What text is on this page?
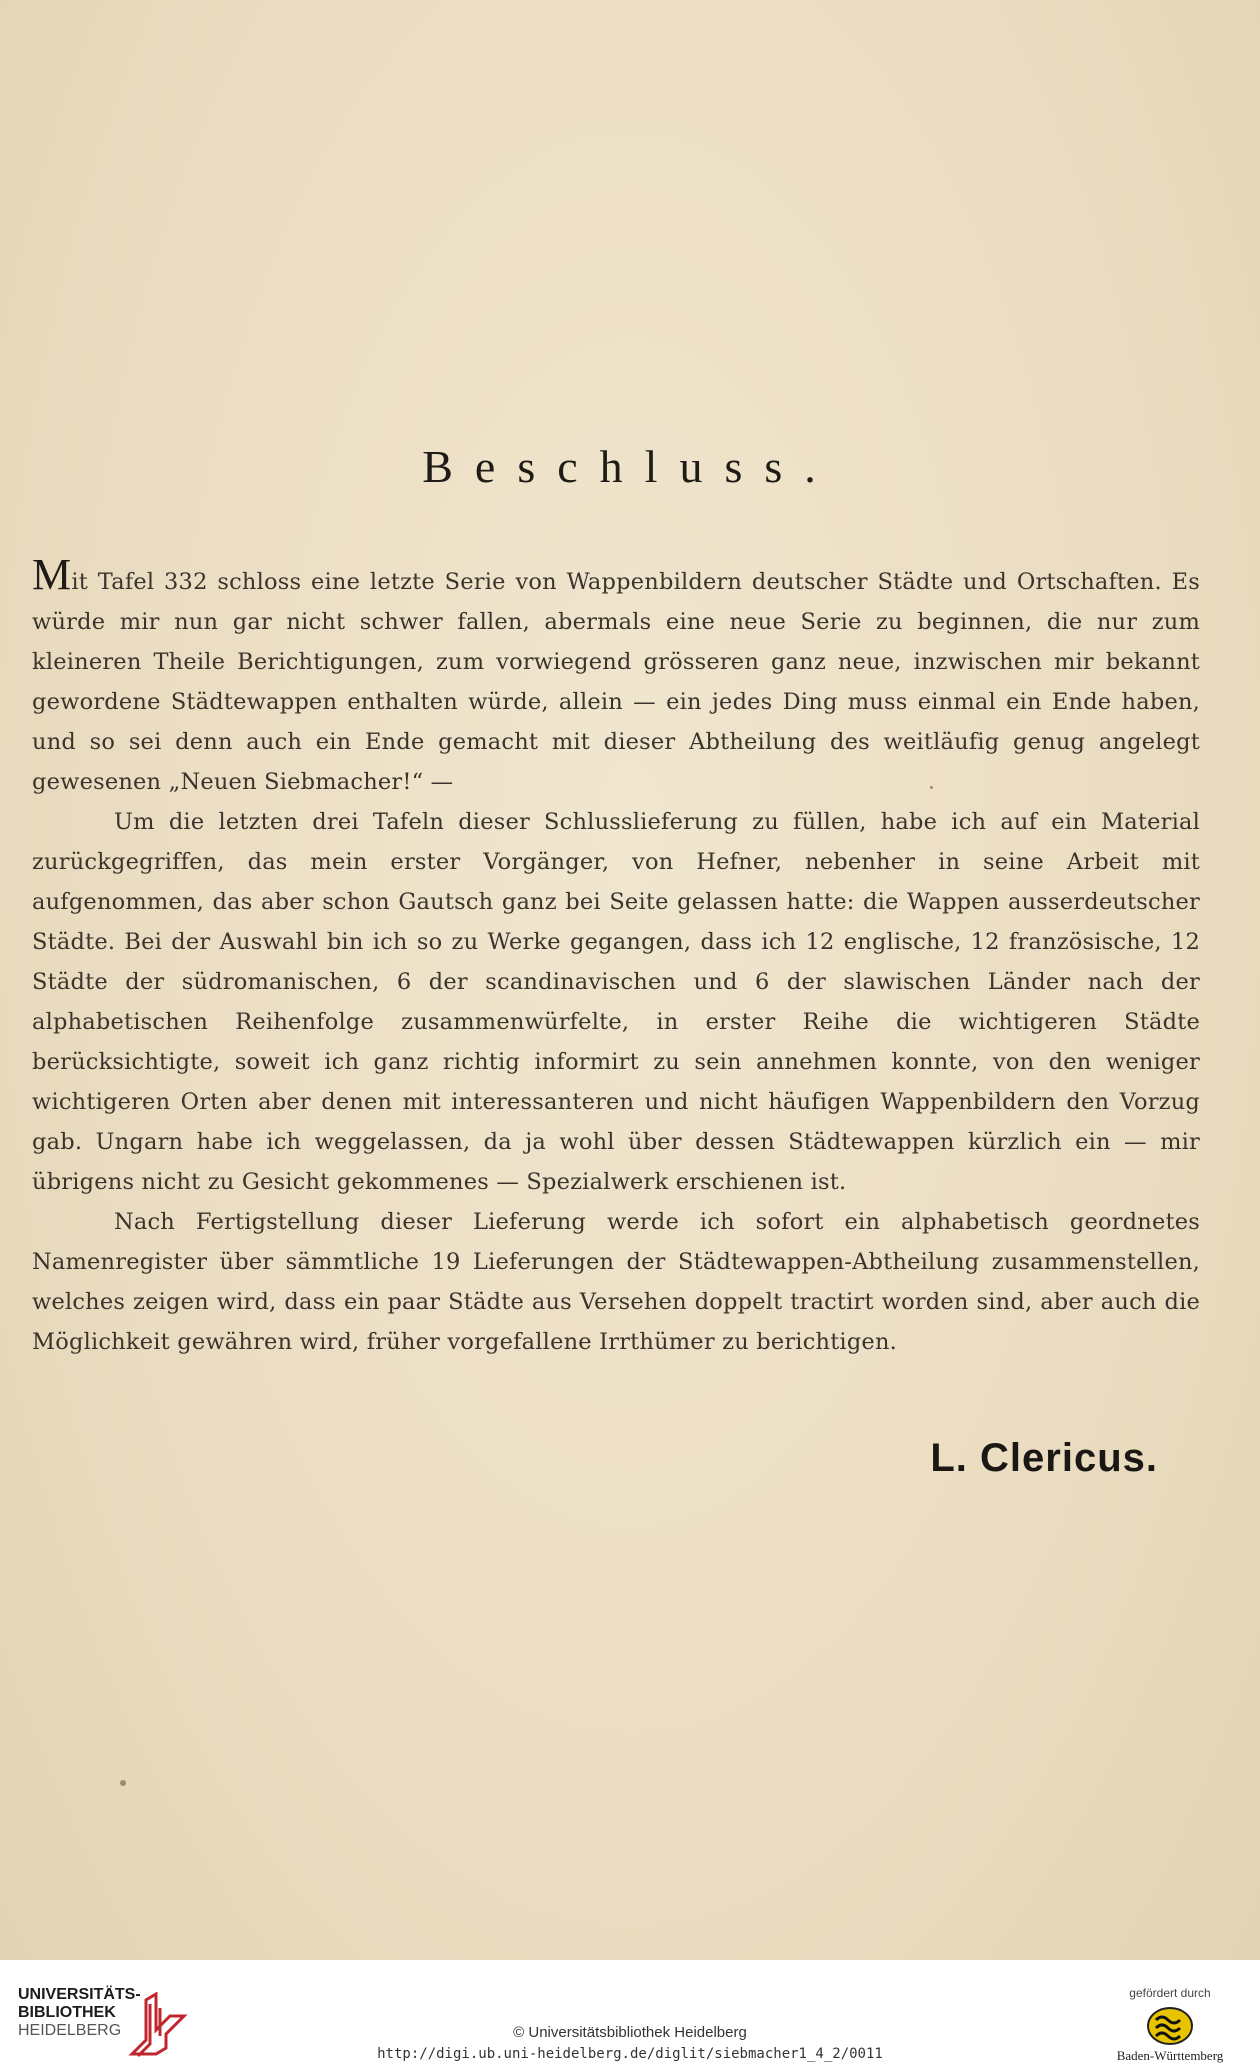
Beschluss.

Mit Tafel 332 schloss eine letzte Serie von Wappenbildern deutscher Städte und Ortschaften. Es würde mir nun gar nicht schwer fallen, abermals eine neue Serie zu beginnen, die nur zum kleineren Theile Berichtigungen, zum vorwiegend grösseren ganz neue, inzwischen mir bekannt gewordene Städtewappen enthalten würde, allein — ein jedes Ding muss einmal ein Ende haben, und so sei denn auch ein Ende gemacht mit dieser Abtheilung des weitläufig genug angelegt gewesenen „Neuen Siebmacher!“ —

Um die letzten drei Tafeln dieser Schlusslieferung zu füllen, habe ich auf ein Material zurückgegriffen, das mein erster Vorgänger, von Hefner, nebenher in seine Arbeit mit aufgenommen, das aber schon Gautsch ganz bei Seite gelassen hatte: die Wappen ausserdeutscher Städte. Bei der Auswahl bin ich so zu Werke gegangen, dass ich 12 englische, 12 französische, 12 Städte der südromanischen, 6 der scandinavischen und 6 der slawischen Länder nach der alphabetischen Reihenfolge zusammenwürfelte, in erster Reihe die wichtigeren Städte berücksichtigte, soweit ich ganz richtig informirt zu sein annehmen konnte, von den weniger wichtigeren Orten aber denen mit interessanteren und nicht häufigen Wappenbildern den Vorzug gab. Ungarn habe ich weggelassen, da ja wohl über dessen Städtewappen kürzlich ein — mir übrigens nicht zu Gesicht gekommenes — Spezialwerk erschienen ist.

Nach Fertigstellung dieser Lieferung werde ich sofort ein alphabetisch geordnetes Namenregister über sämmtliche 19 Lieferungen der Städtewappen-Abtheilung zusammenstellen, welches zeigen wird, dass ein paar Städte aus Versehen doppelt tractirt worden sind, aber auch die Möglichkeit gewähren wird, früher vorgefallene Irrthümer zu berichtigen.

L. Clericus.
UNIVERSITÄTS-
BIBLIOTHEK
HEIDELBERG	© Universitätsbibliothek Heidelberg
http://digi.ub.uni-heidelberg.de/diglit/siebmacher1_4_2/0011
gefördert durch
Baden-Württemberg
